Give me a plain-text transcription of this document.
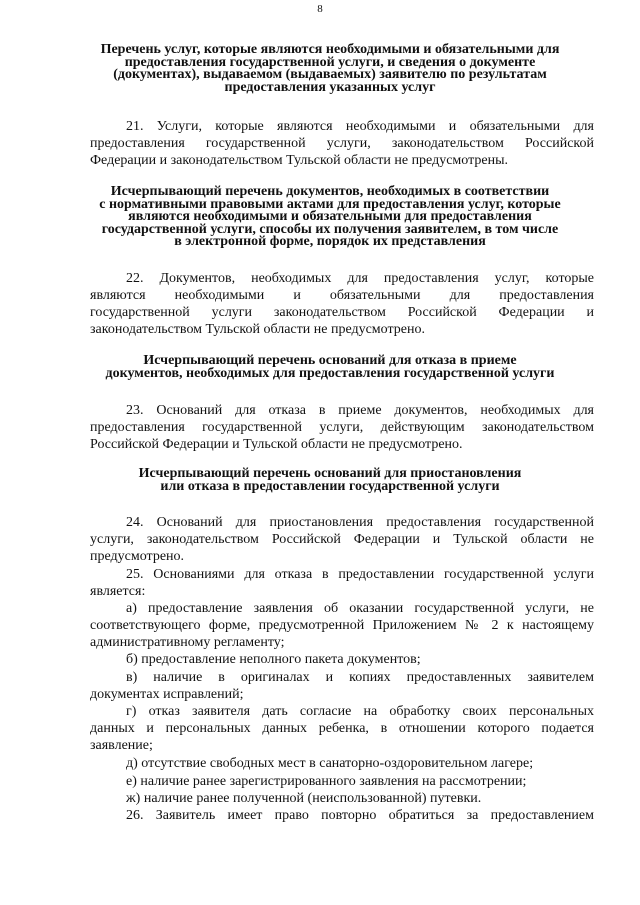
8
Перечень услуг, которые являются необходимыми и обязательными для
предоставления государственной услуги, и сведения о документе
(документах), выдаваемом (выдаваемых) заявителю по результатам
предоставления указанных услуг
21. Услуги, которые являются необходимыми и обязательными для
предоставления государственной услуги, законодательством Российской
Федерации и законодательством Тульской области не предусмотрены.
Исчерпывающий перечень документов, необходимых в соответствии
с нормативными правовыми актами для предоставления услуг, которые
являются необходимыми и обязательными для предоставления
государственной услуги, способы их получения заявителем, в том числе
в электронной форме, порядок их представления
22. Документов, необходимых для предоставления услуг, которые
являются необходимыми и обязательными для предоставления
государственной услуги законодательством Российской Федерации и
законодательством Тульской области не предусмотрено.
Исчерпывающий перечень оснований для отказа в приеме
документов, необходимых для предоставления государственной услуги
23. Оснований для отказа в приеме документов, необходимых для
предоставления государственной услуги, действующим законодательством
Российской Федерации и Тульской области не предусмотрено.
Исчерпывающий перечень оснований для приостановления
или отказа в предоставлении государственной услуги
24. Оснований для приостановления предоставления государственной
услуги, законодательством Российской Федерации и Тульской области не
предусмотрено.
25. Основаниями для отказа в предоставлении государственной услуги
является:
а) предоставление заявления об оказании государственной услуги, не
соответствующего форме, предусмотренной Приложением № 2 к настоящему
административному регламенту;
б) предоставление неполного пакета документов;
в) наличие в оригиналах и копиях предоставленных заявителем
документах исправлений;
г) отказ заявителя дать согласие на обработку своих персональных
данных и персональных данных ребенка, в отношении которого подается
заявление;
д) отсутствие свободных мест в санаторно-оздоровительном лагере;
е) наличие ранее зарегистрированного заявления на рассмотрении;
ж) наличие ранее полученной (неиспользованной) путевки.
26. Заявитель имеет право повторно обратиться за предоставлением
